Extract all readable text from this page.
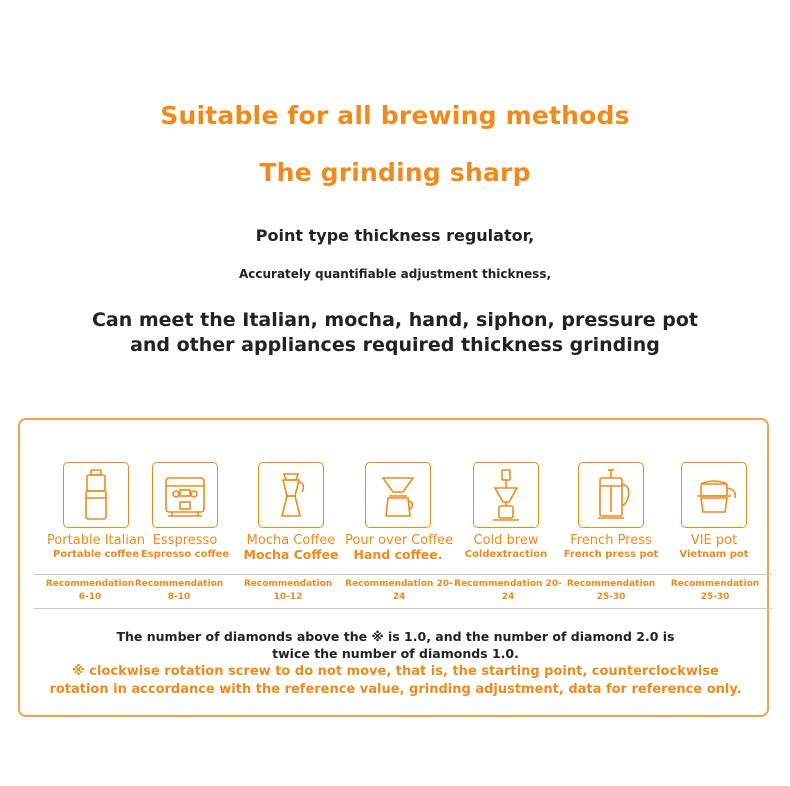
Suitable for all brewing methods
The grinding sharp
Point type thickness regulator,
Accurately quantifiable adjustment thickness,
Can meet the Italian, mocha, hand, siphon, pressure pot
and other appliances required thickness grinding
Portable Italian
Portable coffee
Esspresso
Espresso coffee
Mocha Coffee
Mocha Coffee
Pour over Coffee
Hand coffee.
Cold brew
Coldextraction
French Press
French press pot
VIE pot
Vietnam pot
Recommendation 6-10
Recommendation 8-10
Recommendation 10-12
Recommendation 20-24
Recommendation 20-24
Recommendation 25-30
Recommendation 25-30
The number of diamonds above the ※ is 1.0, and the number of diamond 2.0 is
twice the number of diamonds 1.0.
※ clockwise rotation screw to do not move, that is, the starting point, counterclockwise
rotation in accordance with the reference value, grinding adjustment, data for reference only.
